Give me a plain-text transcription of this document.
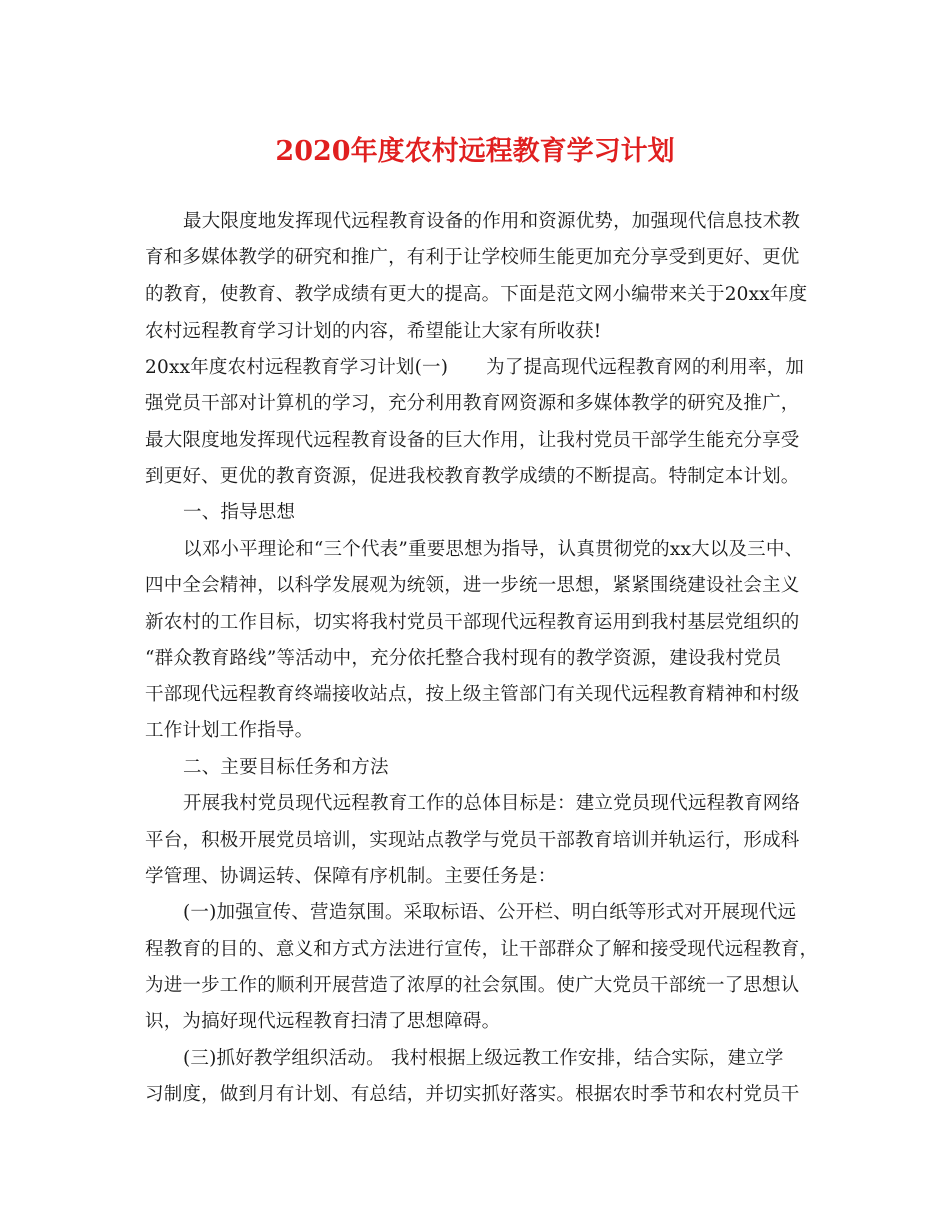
2020年度农村远程教育学习计划
最大限度地发挥现代远程教育设备的作用和资源优势，加强现代信息技术教
育和多媒体教学的研究和推广，有利于让学校师生能更加充分享受到更好、更优
的教育，使教育、教学成绩有更大的提高。下面是范文网小编带来关于20xx年度
农村远程教育学习计划的内容，希望能让大家有所收获!
20xx年度农村远程教育学习计划(一) 为了提高现代远程教育网的利用率，加
强党员干部对计算机的学习，充分利用教育网资源和多媒体教学的研究及推广，
最大限度地发挥现代远程教育设备的巨大作用，让我村党员干部学生能充分享受
到更好、更优的教育资源，促进我校教育教学成绩的不断提高。特制定本计划。
一、指导思想
以邓小平理论和“三个代表”重要思想为指导，认真贯彻党的xx大以及三中、
四中全会精神，以科学发展观为统领，进一步统一思想，紧紧围绕建设社会主义
新农村的工作目标，切实将我村党员干部现代远程教育运用到我村基层党组织的
“群众教育路线”等活动中，充分依托整合我村现有的教学资源，建设我村党员
干部现代远程教育终端接收站点，按上级主管部门有关现代远程教育精神和村级
工作计划工作指导。
二、主要目标任务和方法
开展我村党员现代远程教育工作的总体目标是：建立党员现代远程教育网络
平台，积极开展党员培训，实现站点教学与党员干部教育培训并轨运行，形成科
学管理、协调运转、保障有序机制。主要任务是：
(一)加强宣传、营造氛围。采取标语、公开栏、明白纸等形式对开展现代远
程教育的目的、意义和方式方法进行宣传，让干部群众了解和接受现代远程教育，
为进一步工作的顺利开展营造了浓厚的社会氛围。使广大党员干部统一了思想认
识，为搞好现代远程教育扫清了思想障碍。
(三)抓好教学组织活动。 我村根据上级远教工作安排，结合实际，建立学
习制度，做到月有计划、有总结，并切实抓好落实。根据农时季节和农村党员干
